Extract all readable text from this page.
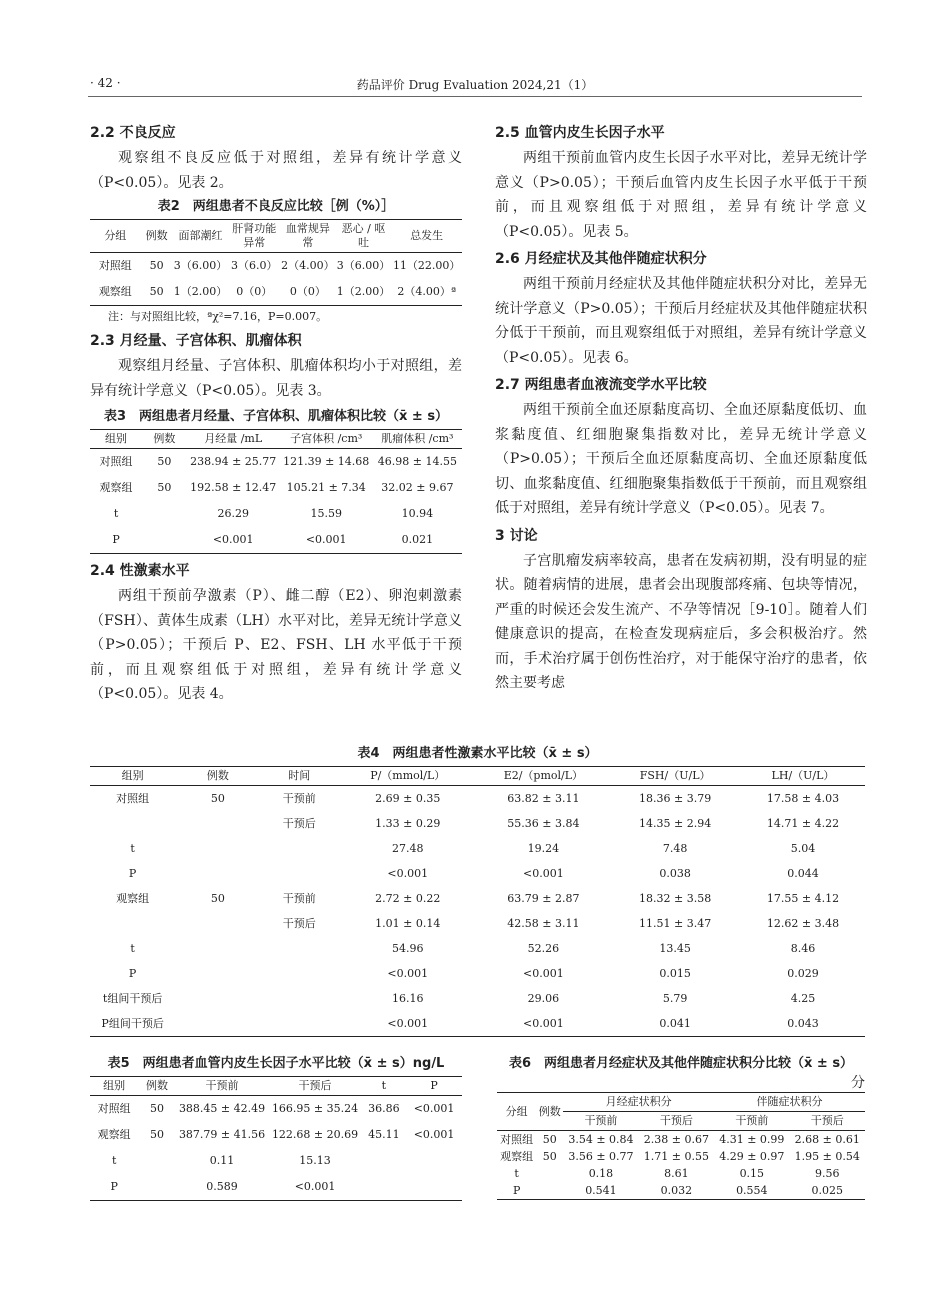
· 42 ·	药品评价 Drug Evaluation 2024,21（1）
2.2 不良反应

观察组不良反应低于对照组，差异有统计学意义（P<0.05）。见表 2。

表2　两组患者不良反应比较［例（%）］
分组	例数	面部潮红	肝肾功能异常	血常规异常	恶心 / 呕吐	总发生
对照组	50	3（6.00）	3（6.0）	2（4.00）	3（6.00）	11（22.00）
观察组	50	1（2.00）	0（0）	0（0）	1（2.00）	2（4.00）ª
注：与对照组比较，ªχ²=7.16，P=0.007。
2.3 月经量、子宫体积、肌瘤体积

观察组月经量、子宫体积、肌瘤体积均小于对照组，差异有统计学意义（P<0.05）。见表 3。

表3　两组患者月经量、子宫体积、肌瘤体积比较（x̄ ± s）
组别	例数	月经量 /mL	子宫体积 /cm³	肌瘤体积 /cm³
对照组	50	238.94 ± 25.77	121.39 ± 14.68	46.98 ± 14.55
观察组	50	192.58 ± 12.47	105.21 ± 7.34	32.02 ± 9.67
t		26.29	15.59	10.94
P		<0.001	<0.001	0.021
2.4 性激素水平

两组干预前孕激素（P）、雌二醇（E2）、卵泡刺激素（FSH）、黄体生成素（LH）水平对比，差异无统计学意义（P>0.05）；干预后 P、E2、FSH、LH 水平低于干预前，而且观察组低于对照组，差异有统计学意义（P<0.05）。见表 4。

2.5 血管内皮生长因子水平

两组干预前血管内皮生长因子水平对比，差异无统计学意义（P>0.05）；干预后血管内皮生长因子水平低于干预前，而且观察组低于对照组，差异有统计学意义（P<0.05）。见表 5。

2.6 月经症状及其他伴随症状积分

两组干预前月经症状及其他伴随症状积分对比，差异无统计学意义（P>0.05）；干预后月经症状及其他伴随症状积分低于干预前，而且观察组低于对照组，差异有统计学意义（P<0.05）。见表 6。

2.7 两组患者血液流变学水平比较

两组干预前全血还原黏度高切、全血还原黏度低切、血浆黏度值、红细胞聚集指数对比，差异无统计学意义（P>0.05）；干预后全血还原黏度高切、全血还原黏度低切、血浆黏度值、红细胞聚集指数低于干预前，而且观察组低于对照组，差异有统计学意义（P<0.05）。见表 7。

3 讨论

子宫肌瘤发病率较高，患者在发病初期，没有明显的症状。随着病情的进展，患者会出现腹部疼痛、包块等情况，严重的时候还会发生流产、不孕等情况［9-10］。随着人们健康意识的提高，在检查发现病症后，多会积极治疗。然而，手术治疗属于创伤性治疗，对于能保守治疗的患者，依然主要考虑

表4　两组患者性激素水平比较（x̄ ± s）
组别	例数	时间	P/（mmol/L）	E2/（pmol/L）	FSH/（U/L）	LH/（U/L）
对照组	50	干预前	2.69 ± 0.35	63.82 ± 3.11	18.36 ± 3.79	17.58 ± 4.03
		干预后	1.33 ± 0.29	55.36 ± 3.84	14.35 ± 2.94	14.71 ± 4.22
t			27.48	19.24	7.48	5.04
P			<0.001	<0.001	0.038	0.044
观察组	50	干预前	2.72 ± 0.22	63.79 ± 2.87	18.32 ± 3.58	17.55 ± 4.12
		干预后	1.01 ± 0.14	42.58 ± 3.11	11.51 ± 3.47	12.62 ± 3.48
t			54.96	52.26	13.45	8.46
P			<0.001	<0.001	0.015	0.029
t组间干预后			16.16	29.06	5.79	4.25
P组间干预后			<0.001	<0.001	0.041	0.043
表5　两组患者血管内皮生长因子水平比较（x̄ ± s）ng/L
组别	例数	干预前	干预后	t	P
对照组	50	388.45 ± 42.49	166.95 ± 35.24	36.86	<0.001
观察组	50	387.79 ± 41.56	122.68 ± 20.69	45.11	<0.001
t		0.11	15.13		
P		0.589	<0.001		
表6　两组患者月经症状及其他伴随症状积分比较（x̄ ± s）
分
分组	例数	月经症状积分		伴随症状积分	
		干预前	干预后	干预前	干预后
对照组	50	3.54 ± 0.84	2.38 ± 0.67	4.31 ± 0.99	2.68 ± 0.61
观察组	50	3.56 ± 0.77	1.71 ± 0.55	4.29 ± 0.97	1.95 ± 0.54
t		0.18	8.61	0.15	9.56
P		0.541	0.032	0.554	0.025
